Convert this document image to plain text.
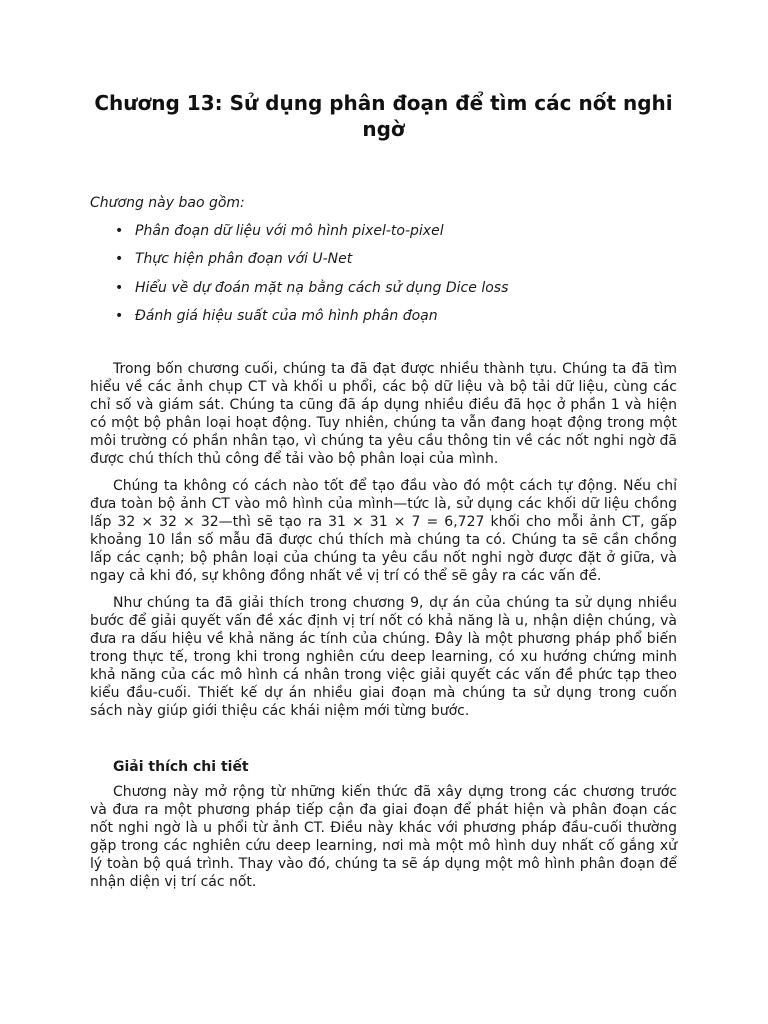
Chương 13: Sử dụng phân đoạn để tìm các nốt nghi ngờ

Chương này bao gồm:

• Phân đoạn dữ liệu với mô hình pixel-to-pixel
• Thực hiện phân đoạn với U-Net
• Hiểu về dự đoán mặt nạ bằng cách sử dụng Dice loss
• Đánh giá hiệu suất của mô hình phân đoạn

Trong bốn chương cuối, chúng ta đã đạt được nhiều thành tựu. Chúng ta đã tìm hiểu về các ảnh chụp CT và khối u phổi, các bộ dữ liệu và bộ tải dữ liệu, cùng các chỉ số và giám sát. Chúng ta cũng đã áp dụng nhiều điều đã học ở phần 1 và hiện có một bộ phân loại hoạt động. Tuy nhiên, chúng ta vẫn đang hoạt động trong một môi trường có phần nhân tạo, vì chúng ta yêu cầu thông tin về các nốt nghi ngờ đã được chú thích thủ công để tải vào bộ phân loại của mình.

Chúng ta không có cách nào tốt để tạo đầu vào đó một cách tự động. Nếu chỉ đưa toàn bộ ảnh CT vào mô hình của mình—tức là, sử dụng các khối dữ liệu chồng lấp 32 × 32 × 32—thì sẽ tạo ra 31 × 31 × 7 = 6,727 khối cho mỗi ảnh CT, gấp khoảng 10 lần số mẫu đã được chú thích mà chúng ta có. Chúng ta sẽ cần chồng lấp các cạnh; bộ phân loại của chúng ta yêu cầu nốt nghi ngờ được đặt ở giữa, và ngay cả khi đó, sự không đồng nhất về vị trí có thể sẽ gây ra các vấn đề.

Như chúng ta đã giải thích trong chương 9, dự án của chúng ta sử dụng nhiều bước để giải quyết vấn đề xác định vị trí nốt có khả năng là u, nhận diện chúng, và đưa ra dấu hiệu về khả năng ác tính của chúng. Đây là một phương pháp phổ biến trong thực tế, trong khi trong nghiên cứu deep learning, có xu hướng chứng minh khả năng của các mô hình cá nhân trong việc giải quyết các vấn đề phức tạp theo kiểu đầu-cuối. Thiết kế dự án nhiều giai đoạn mà chúng ta sử dụng trong cuốn sách này giúp giới thiệu các khái niệm mới từng bước.

Giải thích chi tiết

Chương này mở rộng từ những kiến thức đã xây dựng trong các chương trước và đưa ra một phương pháp tiếp cận đa giai đoạn để phát hiện và phân đoạn các nốt nghi ngờ là u phổi từ ảnh CT. Điều này khác với phương pháp đầu-cuối thường gặp trong các nghiên cứu deep learning, nơi mà một mô hình duy nhất cố gắng xử lý toàn bộ quá trình. Thay vào đó, chúng ta sẽ áp dụng một mô hình phân đoạn để nhận diện vị trí các nốt.
